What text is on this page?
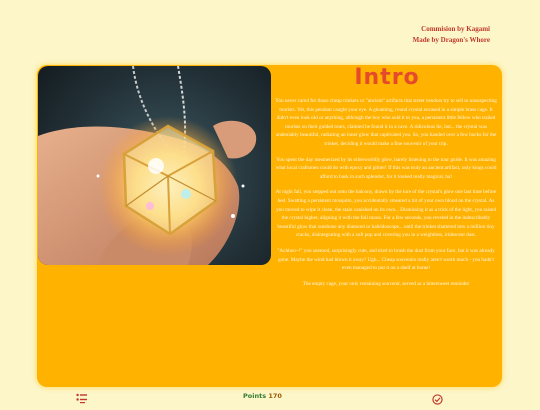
Commision by Kagami
Made by Dragon's Whore
Intro

You never cared for those cheap trinkets or "ancient" artifacts that street vendors try to sell to unsuspecting tourists. Yet, this pendant caught your eye. A gleaming, round crystal encased in a simple brass cage. It didn't even look old or anything, although the boy who sold it to you, a persistent little fellow who trailed tourists on their guided tours, claimed he found it in a cave. A ridiculous lie, but... the crystal was undeniably beautiful, radiating an inner glow that captivated you. So, you handed over a few bucks for the trinket, deciding it would make a fine souvenir of your trip.

You spent the day mesmerized by its otherworldly glow, barely listening to the tour guide. It was amazing what local craftsmen could do with epoxy and glitter! If this was truly an ancient artifact, only kings could afford to bask in such splendor, for it looked really magical, ha!

At night fall, you stepped out onto the balcony, drawn by the lure of the crystal's glow one last time before bed. Swatting a persistent mosquito, you accidentally smeared a bit of your own blood on the crystal. As you moved to wipe it clean, the stain vanished on its own... Dismissing it as a trick of the light, you raised the crystal higher, aligning it with the full moon. For a few seconds, you reveled in the indescribably beautiful glow that outshone any diamond or kaleidoscope... until the trinket shattered into a million tiny cracks, disintegrating with a soft pop and covering you in a weightless, iridescent dust.

"Achhoo~!" you sneezed, surprisingly cute, and tried to brush the dust from your face, but it was already gone. Maybe the wind had blown it away? Ugh... Cheap souvenirs really aren't worth much - you hadn't even managed to put it on a shelf at home!

The empty cage, your only remaining souvenir, served as a bittersweet reminder

Points 170
